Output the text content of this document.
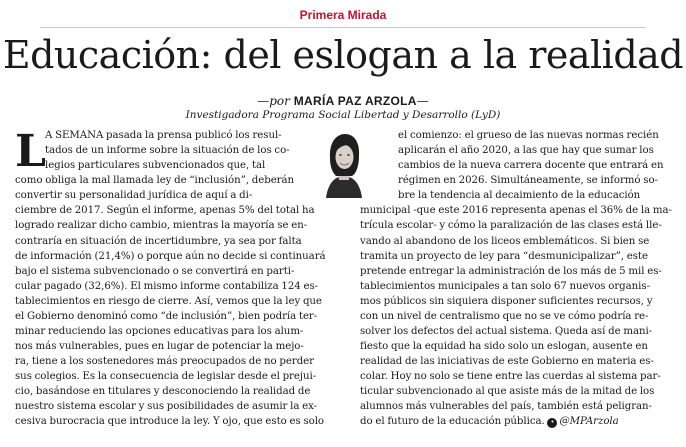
Primera Mirada
Educación: del eslogan a la realidad
—por MARÍA PAZ ARZOLA—
Investigadora Programa Social Libertad y Desarrollo (LyD)
L A SEMANA pasada la prensa publicó los resul-
tados de un informe sobre la situación de los co-
legios particulares subvencionados que, tal
como obliga la mal llamada ley de “inclusión”, deberán
convertir su personalidad jurídica de aquí a di-
ciembre de 2017. Según el informe, apenas 5% del total ha
logrado realizar dicho cambio, mientras la mayoría se en-
contraría en situación de incertidumbre, ya sea por falta
de información (21,4%) o porque aún no decide si continuará
bajo el sistema subvencionado o se convertirá en parti-
cular pagado (32,6%). El mismo informe contabiliza 124 es-
tablecimientos en riesgo de cierre. Así, vemos que la ley que
el Gobierno denominó como “de inclusión”, bien podría ter-
minar reduciendo las opciones educativas para los alum-
nos más vulnerables, pues en lugar de potenciar la mejo-
ra, tiene a los sostenedores más preocupados de no perder
sus colegios. Es la consecuencia de legislar desde el prejui-
cio, basándose en titulares y desconociendo la realidad de
nuestro sistema escolar y sus posibilidades de asumir la ex-
cesiva burocracia que introduce la ley. Y ojo, que esto es solo
el comienzo: el grueso de las nuevas normas recién
aplicarán el año 2020, a las que hay que sumar los
cambios de la nueva carrera docente que entrará en
régimen en 2026. Simultáneamente, se informó so-
bre la tendencia al decaimiento de la educación
municipal -que este 2016 representa apenas el 36% de la ma-
trícula escolar- y cómo la paralización de las clases está lle-
vando al abandono de los liceos emblemáticos. Si bien se
tramita un proyecto de ley para “desmunicipalizar”, este
pretende entregar la administración de los más de 5 mil es-
tablecimientos municipales a tan solo 67 nuevos organis-
mos públicos sin siquiera disponer suficientes recursos, y
con un nivel de centralismo que no se ve cómo podría re-
solver los defectos del actual sistema. Queda así de mani-
fiesto que la equidad ha sido solo un eslogan, ausente en
realidad de las iniciativas de este Gobierno en materia es-
colar. Hoy no solo se tiene entre las cuerdas al sistema par-
ticular subvencionado al que asiste más de la mitad de los
alumnos más vulnerables del país, también está peligran-
do el futuro de la educación pública. • @MPArzola
